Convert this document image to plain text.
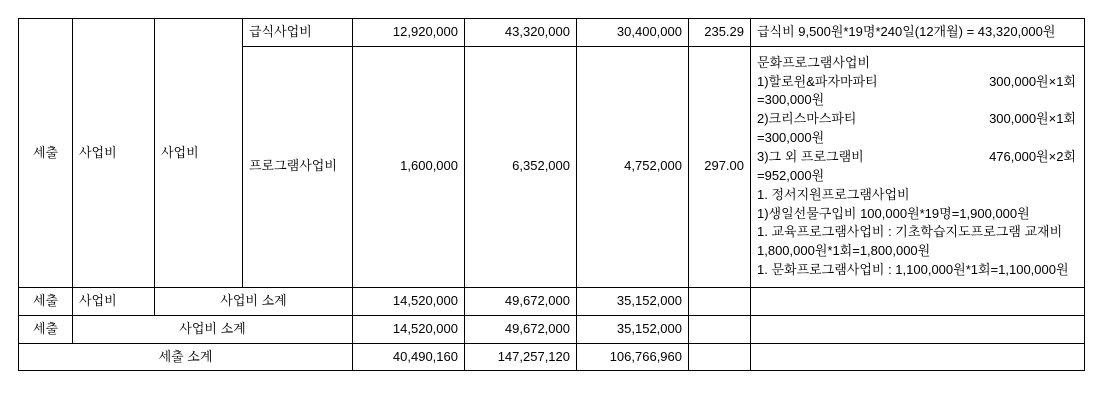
세출	사업비	사업비	급식사업비	12,920,000	43,320,000	30,400,000	235.29	급식비 9,500원*19명*240일(12개월) = 43,320,000원

프로그램사업비	1,600,000	6,352,000	4,752,000	297.00	
문화프로그램사업비
1)할로윈&파자마파티	300,000원×1회
=300,000원
2)크리스마스파티	300,000원×1회
=300,000원
3)그 외 프로그램비	476,000원×2회
=952,000원
1. 정서지원프로그램사업비
1)생일선물구입비 100,000원*19명=1,900,000원
1. 교육프로그램사업비 : 기초학습지도프로그램 교재비
1,800,000원*1회=1,800,000원
1. 문화프로그램사업비 : 1,100,000원*1회=1,100,000원

세출	사업비	사업비 소계		14,520,000	49,672,000	35,152,000		
세출	사업비 소계			14,520,000	49,672,000	35,152,000		
세출 소계				40,490,160	147,257,120	106,766,960		
